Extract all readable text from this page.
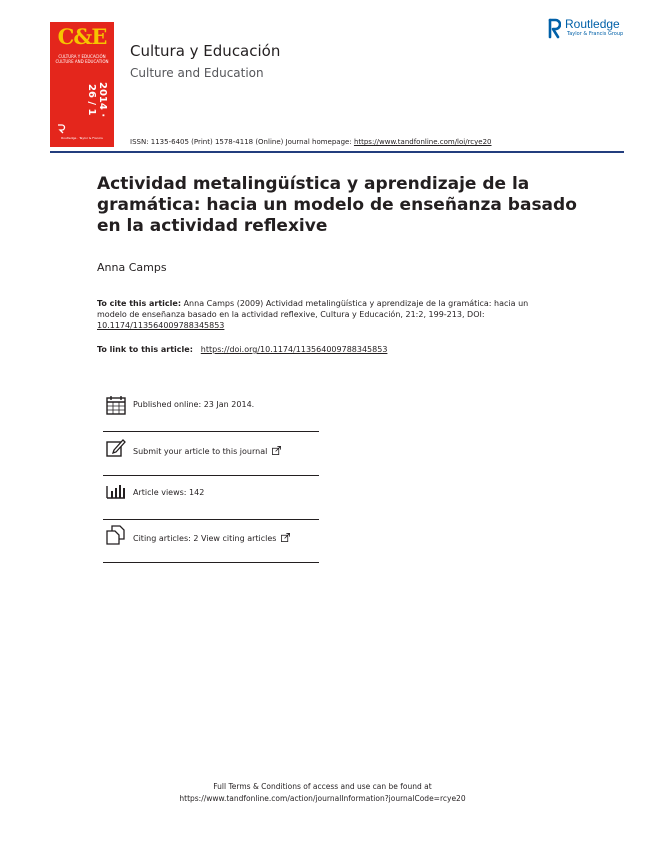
C&E
CULTURA Y EDUCACIÓN
CULTURE AND EDUCATION
2014 · 26 / 1
Routledge · Taylor & Francis
Cultura y Educación
Culture and Education
Routledge
Taylor & Francis Group
ISSN: 1135-6405 (Print) 1578-4118 (Online) Journal homepage: https://www.tandfonline.com/loi/rcye20
Actividad metalingüística y aprendizaje de la gramática: hacia un modelo de enseñanza basado en la actividad reflexive
Anna Camps
To cite this article: Anna Camps (2009) Actividad metalingüística y aprendizaje de la gramática: hacia un modelo de enseñanza basado en la actividad reflexive, Cultura y Educación, 21:2, 199-213, DOI: 10.1174/113564009788345853
To link to this article:   https://doi.org/10.1174/113564009788345853
Published online: 23 Jan 2014.
Submit your article to this journal
Article views: 142
Citing articles: 2 View citing articles
Full Terms & Conditions of access and use can be found at
https://www.tandfonline.com/action/journalInformation?journalCode=rcye20
